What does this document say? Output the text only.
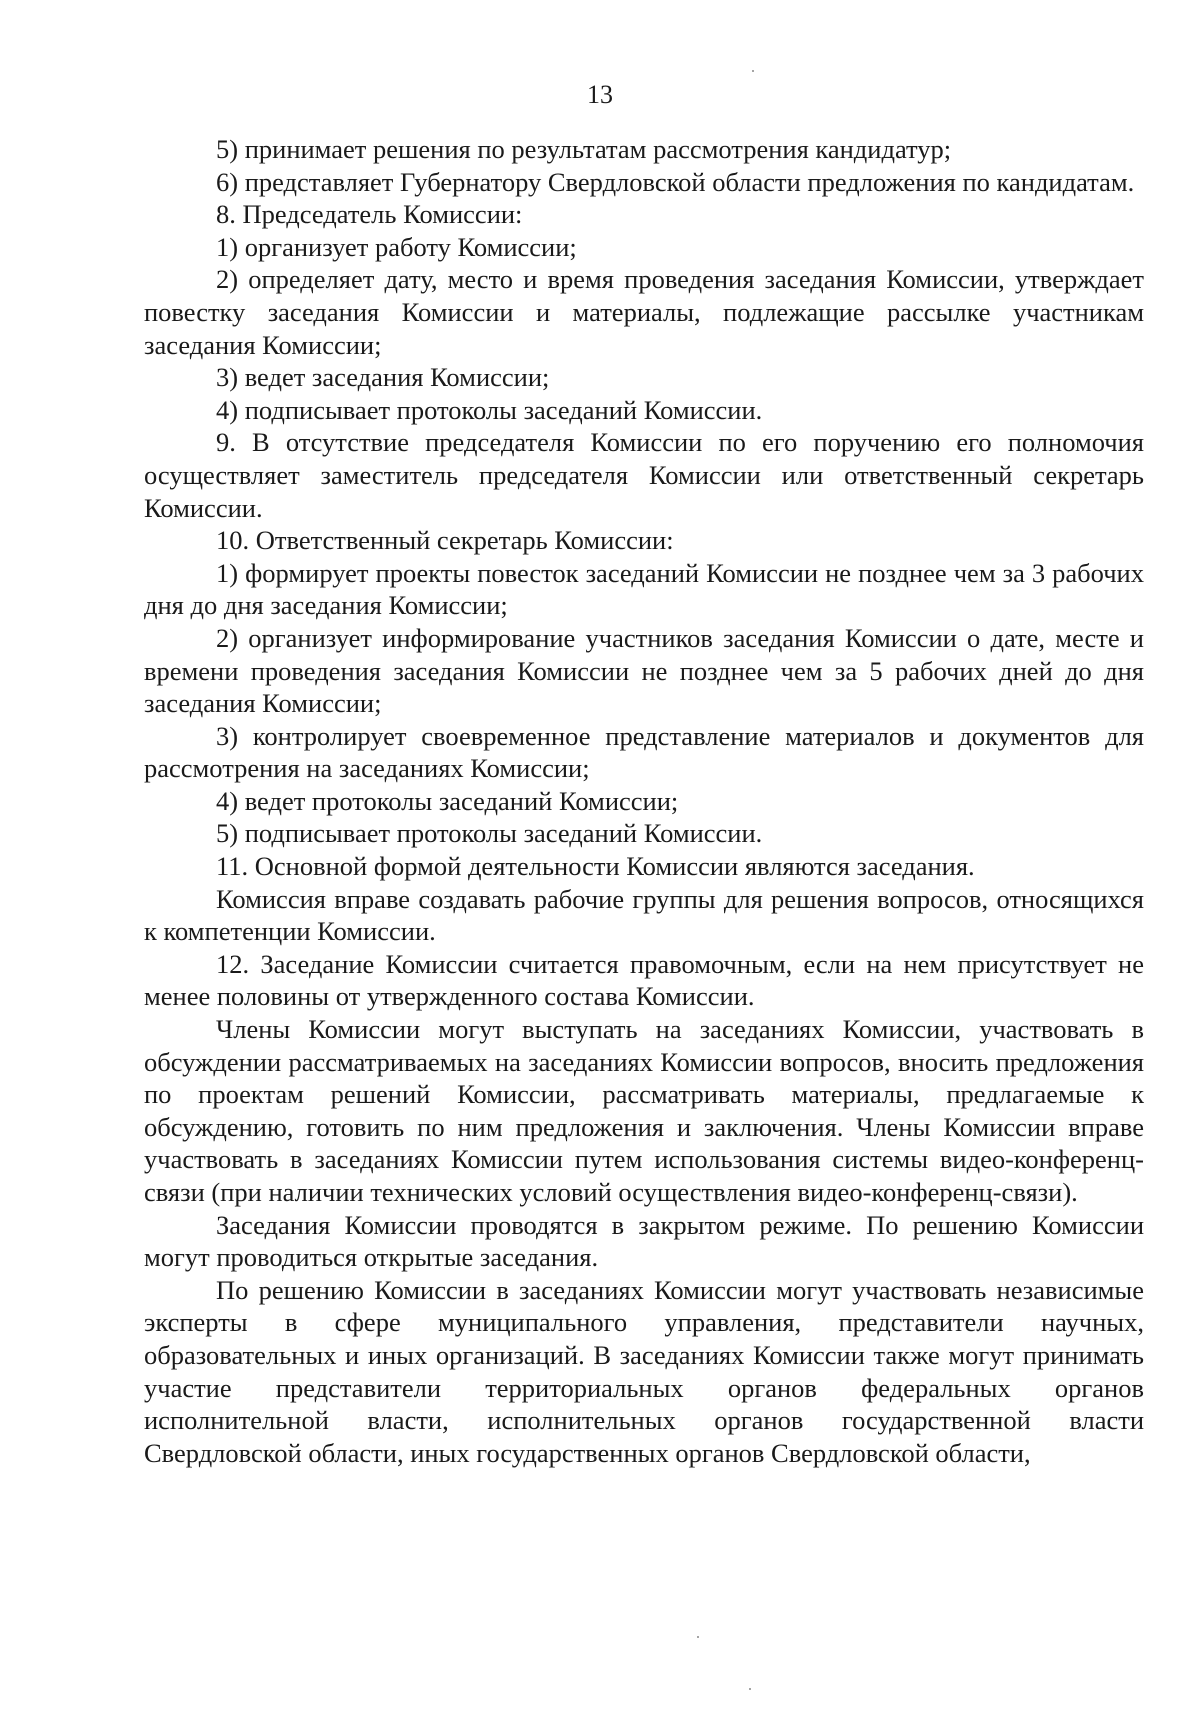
13

5) принимает решения по результатам рассмотрения кандидатур;

6) представляет Губернатору Свердловской области предложения по кандидатам.

8. Председатель Комиссии:

1) организует работу Комиссии;

2) определяет дату, место и время проведения заседания Комиссии, утверждает повестку заседания Комиссии и материалы, подлежащие рассылке участникам заседания Комиссии;

3) ведет заседания Комиссии;

4) подписывает протоколы заседаний Комиссии.

9. В отсутствие председателя Комиссии по его поручению его полномочия осуществляет заместитель председателя Комиссии или ответственный секретарь Комиссии.

10. Ответственный секретарь Комиссии:

1) формирует проекты повесток заседаний Комиссии не позднее чем за 3 рабочих дня до дня заседания Комиссии;

2) организует информирование участников заседания Комиссии о дате, месте и времени проведения заседания Комиссии не позднее чем за 5 рабочих дней до дня заседания Комиссии;

3) контролирует своевременное представление материалов и документов для рассмотрения на заседаниях Комиссии;

4) ведет протоколы заседаний Комиссии;

5) подписывает протоколы заседаний Комиссии.

11. Основной формой деятельности Комиссии являются заседания.

Комиссия вправе создавать рабочие группы для решения вопросов, относящихся к компетенции Комиссии.

12. Заседание Комиссии считается правомочным, если на нем присутствует не менее половины от утвержденного состава Комиссии.

Члены Комиссии могут выступать на заседаниях Комиссии, участвовать в обсуждении рассматриваемых на заседаниях Комиссии вопросов, вносить предложения по проектам решений Комиссии, рассматривать материалы, предлагаемые к обсуждению, готовить по ним предложения и заключения. Члены Комиссии вправе участвовать в заседаниях Комиссии путем использования системы видео-конференц-связи (при наличии технических условий осуществления видео-конференц-связи).

Заседания Комиссии проводятся в закрытом режиме. По решению Комиссии могут проводиться открытые заседания.

По решению Комиссии в заседаниях Комиссии могут участвовать независимые эксперты в сфере муниципального управления, представители научных, образовательных и иных организаций. В заседаниях Комиссии также могут принимать участие представители территориальных органов федеральных органов исполнительной власти, исполнительных органов государственной власти Свердловской области, иных государственных органов Свердловской области,
